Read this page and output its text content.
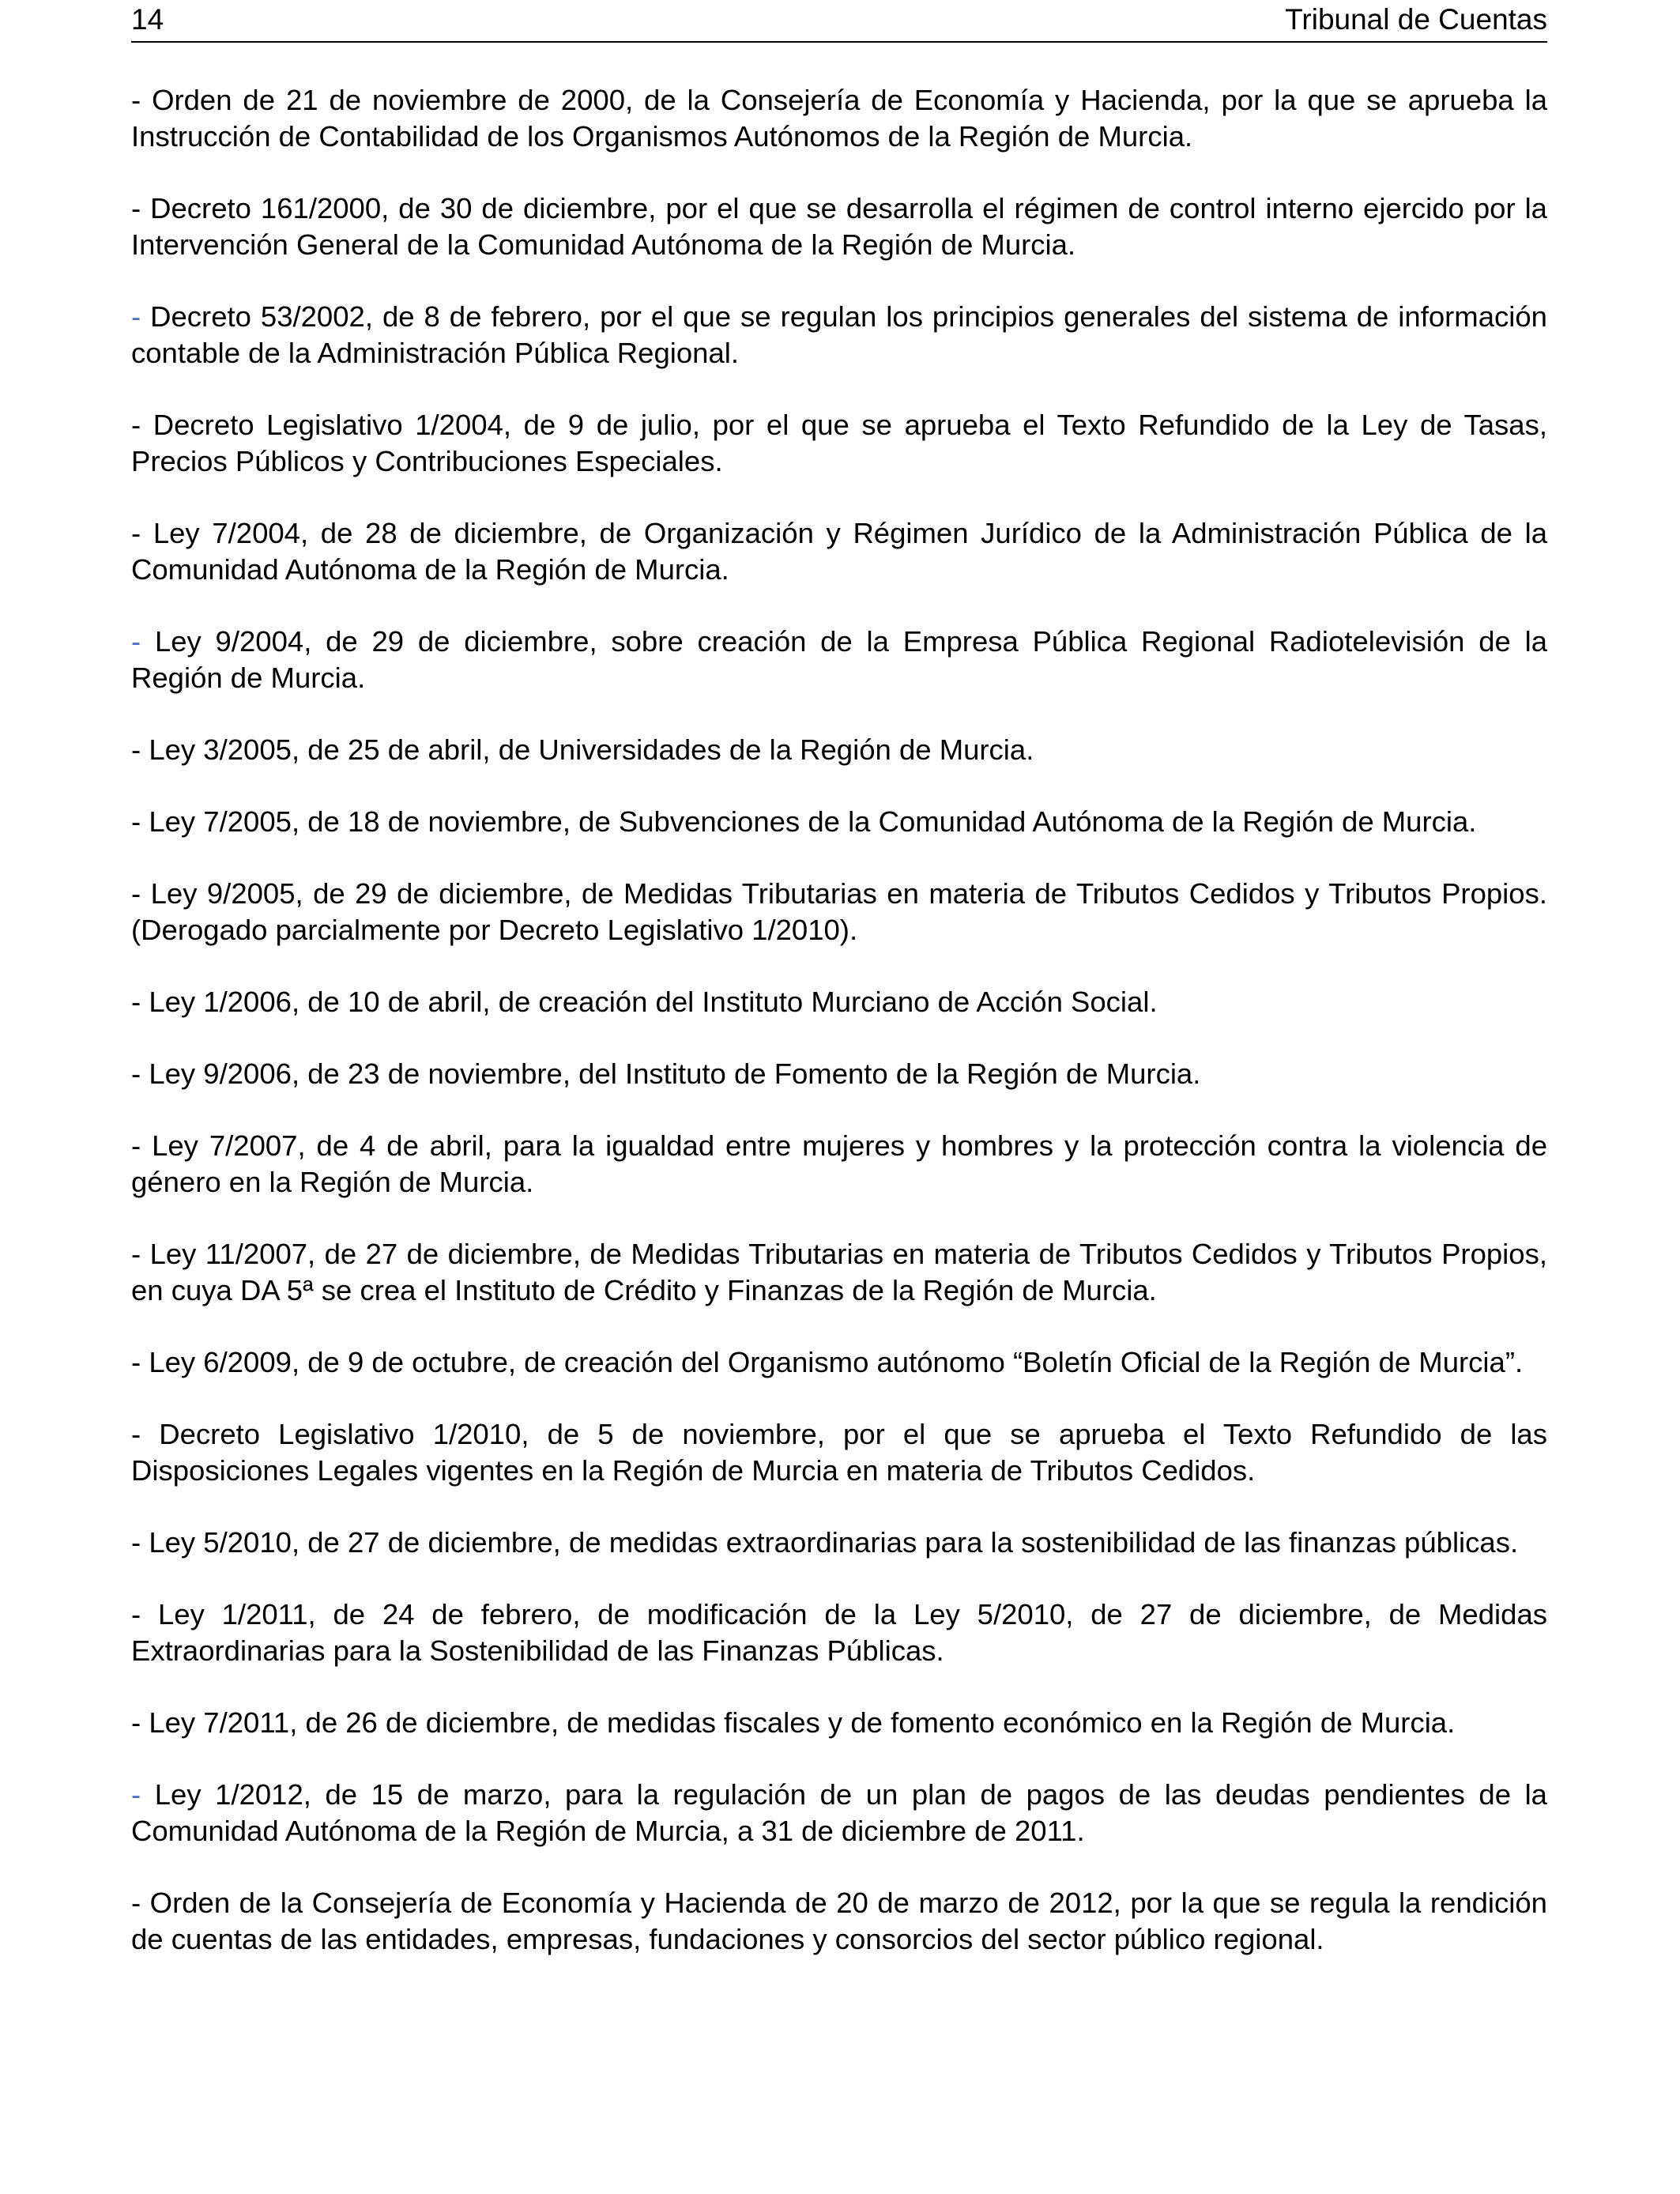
14	Tribunal de Cuentas

- Orden de 21 de noviembre de 2000, de la Consejería de Economía y Hacienda, por la que se aprueba la Instrucción de Contabilidad de los Organismos Autónomos de la Región de Murcia.

- Decreto 161/2000, de 30 de diciembre, por el que se desarrolla el régimen de control interno ejercido por la Intervención General de la Comunidad Autónoma de la Región de Murcia.

- Decreto 53/2002, de 8 de febrero, por el que se regulan los principios generales del sistema de información contable de la Administración Pública Regional.

- Decreto Legislativo 1/2004, de 9 de julio, por el que se aprueba el Texto Refundido de la Ley de Tasas, Precios Públicos y Contribuciones Especiales.

- Ley 7/2004, de 28 de diciembre, de Organización y Régimen Jurídico de la Administración Pública de la Comunidad Autónoma de la Región de Murcia.

- Ley 9/2004, de 29 de diciembre, sobre creación de la Empresa Pública Regional Radiotelevisión de la Región de Murcia.

- Ley 3/2005, de 25 de abril, de Universidades de la Región de Murcia.

- Ley 7/2005, de 18 de noviembre, de Subvenciones de la Comunidad Autónoma de la Región de Murcia.

- Ley 9/2005, de 29 de diciembre, de Medidas Tributarias en materia de Tributos Cedidos y Tributos Propios. (Derogado parcialmente por Decreto Legislativo 1/2010).

- Ley 1/2006, de 10 de abril, de creación del Instituto Murciano de Acción Social.

- Ley 9/2006, de 23 de noviembre, del Instituto de Fomento de la Región de Murcia.

- Ley 7/2007, de 4 de abril, para la igualdad entre mujeres y hombres y la protección contra la violencia de género en la Región de Murcia.

- Ley 11/2007, de 27 de diciembre, de Medidas Tributarias en materia de Tributos Cedidos y Tributos Propios, en cuya DA 5ª se crea el Instituto de Crédito y Finanzas de la Región de Murcia.

- Ley 6/2009, de 9 de octubre, de creación del Organismo autónomo “Boletín Oficial de la Región de Murcia”.

- Decreto Legislativo 1/2010, de 5 de noviembre, por el que se aprueba el Texto Refundido de las Disposiciones Legales vigentes en la Región de Murcia en materia de Tributos Cedidos.

- Ley 5/2010, de 27 de diciembre, de medidas extraordinarias para la sostenibilidad de las finanzas públicas.

- Ley 1/2011, de 24 de febrero, de modificación de la Ley 5/2010, de 27 de diciembre, de Medidas Extraordinarias para la Sostenibilidad de las Finanzas Públicas.

- Ley 7/2011, de 26 de diciembre, de medidas fiscales y de fomento económico en la Región de Murcia.

- Ley 1/2012, de 15 de marzo, para la regulación de un plan de pagos de las deudas pendientes de la Comunidad Autónoma de la Región de Murcia, a 31 de diciembre de 2011.

- Orden de la Consejería de Economía y Hacienda de 20 de marzo de 2012, por la que se regula la rendición de cuentas de las entidades, empresas, fundaciones y consorcios del sector público regional.
